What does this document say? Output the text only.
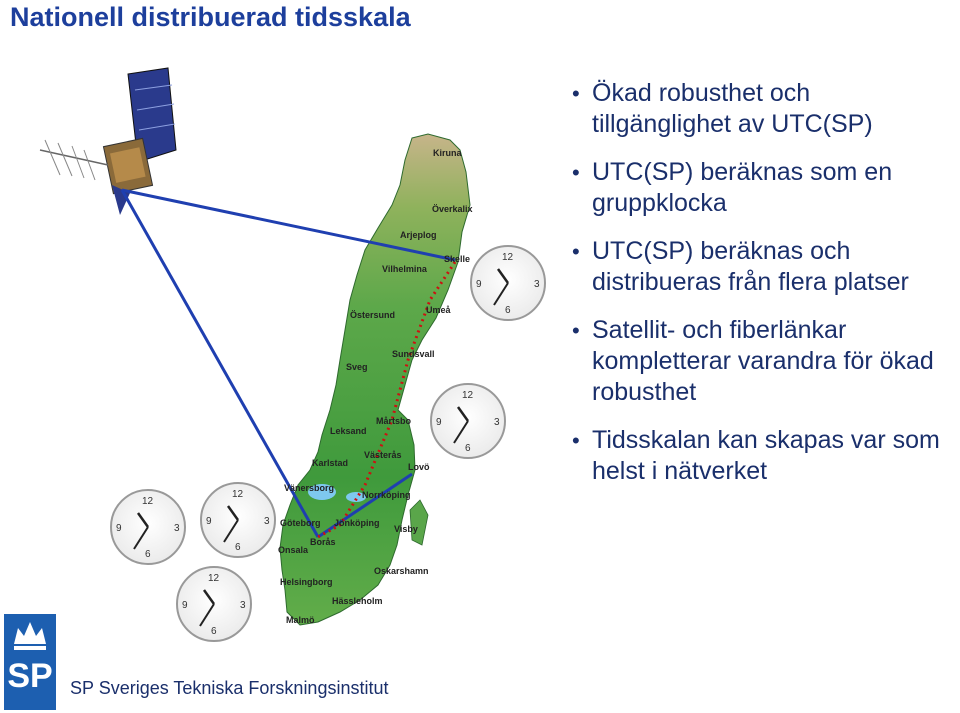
Nationell distribuerad tidsskala
Kiruna
Överkalix
Arjeplog
Skelle
Vilhelmina
Umeå
Östersund
Sundsvall
Sveg
Mårtsbo
Leksand
Karlstad
Västerås
Vänersborg
Lovö
Norrköping
Göteborg Jönköping
Visby
Borås
Onsala
Oskarshamn
Helsingborg
Hässleholm
Malmö
12
3
6
9
12
3
6
9
12
3
6
9
12
3
6
9
12
3
6
9
• Ökad robusthet och tillgänglighet av UTC(SP)
• UTC(SP) beräknas som en gruppklocka
• UTC(SP) beräknas och distribueras från flera platser
• Satellit- och fiberlänkar kompletterar varandra för ökad robusthet
• Tidsskalan kan skapas var som helst i nätverket
SP SP Sveriges Tekniska Forskningsinstitut
